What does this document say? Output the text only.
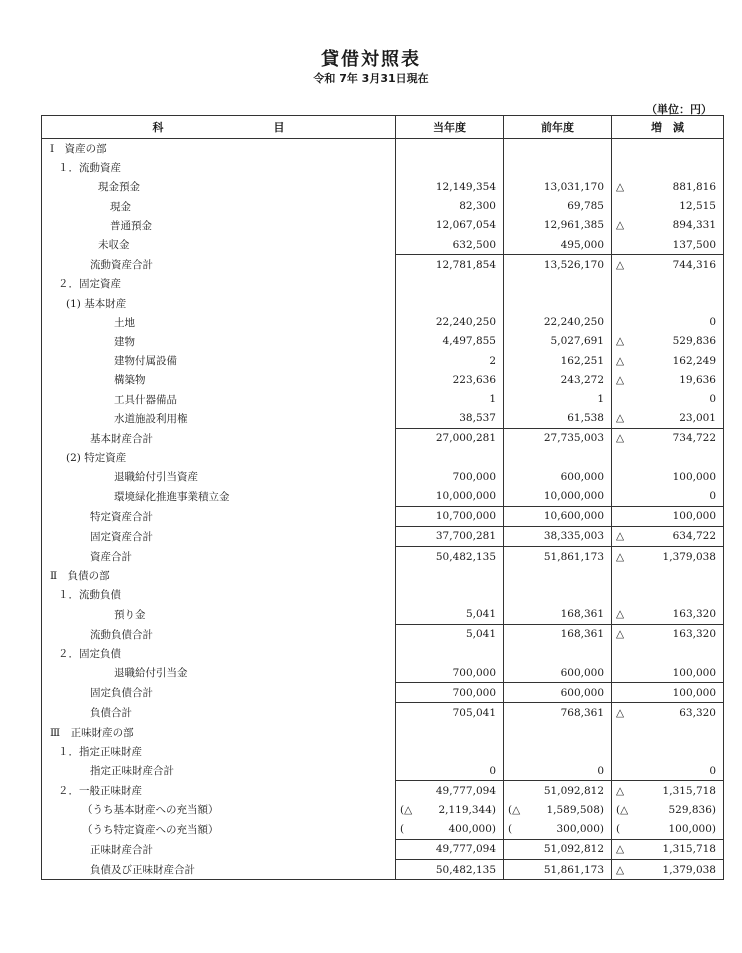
貸借対照表
令和 7年 3月31日現在
（単位：円）
科　　　　　　　　　　目	当年度	前年度	増　減
Ⅰ　資産の部			
１．流動資産			
現金預金	12,149,354	13,031,170	△ 881,816
現金	82,300	69,785	12,515
普通預金	12,067,054	12,961,385	△ 894,331
未収金	632,500	495,000	137,500
流動資産合計	12,781,854	13,526,170	△ 744,316
２．固定資産			
(1) 基本財産			
土地	22,240,250	22,240,250	0
建物	4,497,855	5,027,691	△ 529,836
建物付属設備	2	162,251	△ 162,249
構築物	223,636	243,272	△ 19,636
工具什器備品	1	1	0
水道施設利用権	38,537	61,538	△ 23,001
基本財産合計	27,000,281	27,735,003	△ 734,722
(2) 特定資産			
退職給付引当資産	700,000	600,000	100,000
環境緑化推進事業積立金	10,000,000	10,000,000	0
特定資産合計	10,700,000	10,600,000	100,000
固定資産合計	37,700,281	38,335,003	△ 634,722
資産合計	50,482,135	51,861,173	△ 1,379,038
Ⅱ　負債の部			
１．流動負債			
預り金	5,041	168,361	△ 163,320
流動負債合計	5,041	168,361	△ 163,320
２．固定負債			
退職給付引当金	700,000	600,000	100,000
固定負債合計	700,000	600,000	100,000
負債合計	705,041	768,361	△ 63,320
Ⅲ　正味財産の部			
１．指定正味財産			
指定正味財産合計	0	0	0
２．一般正味財産	49,777,094	51,092,812	△ 1,315,718
（うち基本財産への充当額）	(△ 2,119,344)	(△ 1,589,508)	(△ 529,836)
（うち特定資産への充当額）	( 400,000)	( 300,000)	( 100,000)
正味財産合計	49,777,094	51,092,812	△ 1,315,718
負債及び正味財産合計	50,482,135	51,861,173	△ 1,379,038
